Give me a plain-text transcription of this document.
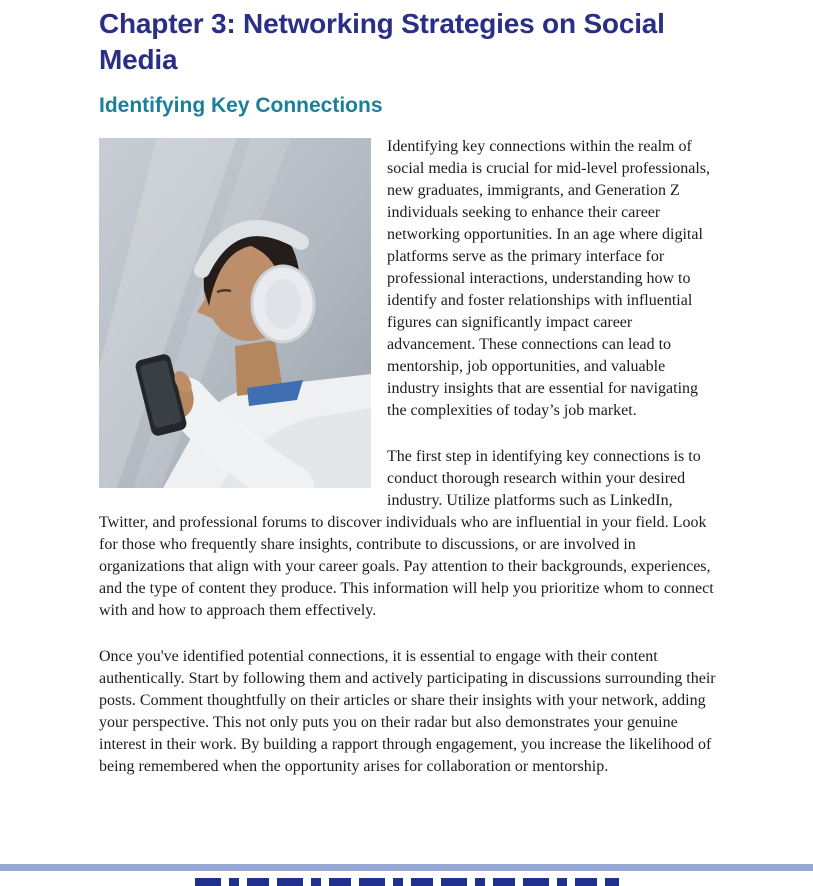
Chapter 3: Networking Strategies on Social Media
Identifying Key Connections

Identifying key connections within the realm of social media is crucial for mid-level professionals, new graduates, immigrants, and Generation Z individuals seeking to enhance their career networking opportunities. In an age where digital platforms serve as the primary interface for professional interactions, understanding how to identify and foster relationships with influential figures can significantly impact career advancement. These connections can lead to mentorship, job opportunities, and valuable industry insights that are essential for navigating the complexities of today’s job market.

The first step in identifying key connections is to conduct thorough research within your desired industry. Utilize platforms such as LinkedIn, Twitter, and professional forums to discover individuals who are influential in your field. Look for those who frequently share insights, contribute to discussions, or are involved in organizations that align with your career goals. Pay attention to their backgrounds, experiences, and the type of content they produce. This information will help you prioritize whom to connect with and how to approach them effectively.

Once you've identified potential connections, it is essential to engage with their content authentically. Start by following them and actively participating in discussions surrounding their posts. Comment thoughtfully on their articles or share their insights with your network, adding your perspective. This not only puts you on their radar but also demonstrates your genuine interest in their work. By building a rapport through engagement, you increase the likelihood of being remembered when the opportunity arises for collaboration or mentorship.
